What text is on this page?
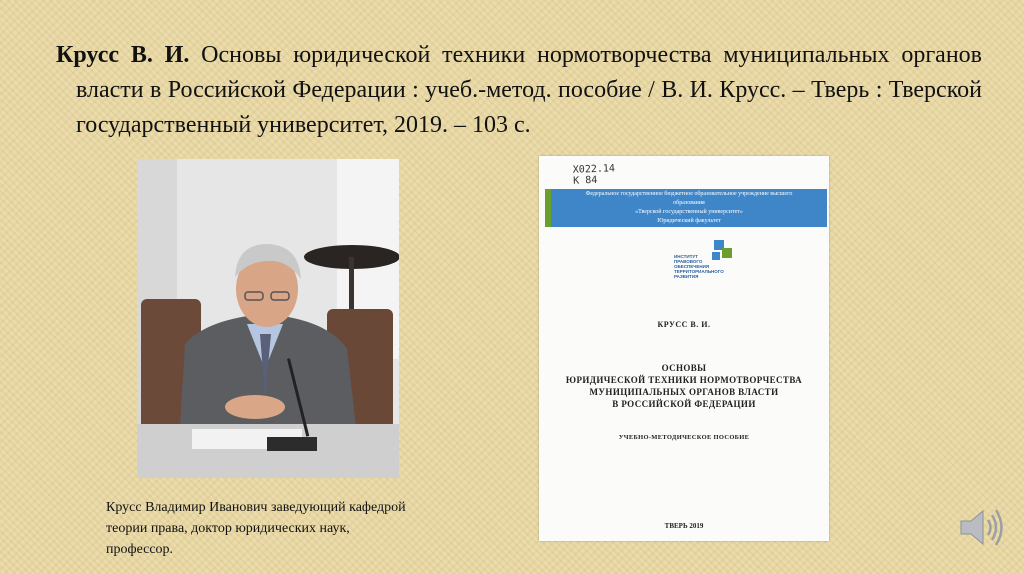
Крусс В. И. Основы юридической техники нормотворчества муниципальных органов власти в Российской Федерации : учеб.-метод. пособие / В. И. Крусс. – Тверь : Тверской государственный университет, 2019. – 103 с.
Крусс Владимир Иванович заведующий кафедрой
теории права, доктор юридических наук,
профессор.
Х022.14
К 84
Федеральное государственное бюджетное образовательное учреждение высшего
образования
«Тверской государственный университет»
Юридический факультет
ИНСТИТУТ
ПРАВОВОГО
ОБЕСПЕЧЕНИЯ
ТЕРРИТОРИАЛЬНОГО
РАЗВИТИЯ
КРУСС В. И.
ОСНОВЫ
ЮРИДИЧЕСКОЙ ТЕХНИКИ НОРМОТВОРЧЕСТВА
МУНИЦИПАЛЬНЫХ ОРГАНОВ ВЛАСТИ
В РОССИЙСКОЙ ФЕДЕРАЦИИ
УЧЕБНО-МЕТОДИЧЕСКОЕ ПОСОБИЕ
ТВЕРЬ 2019
